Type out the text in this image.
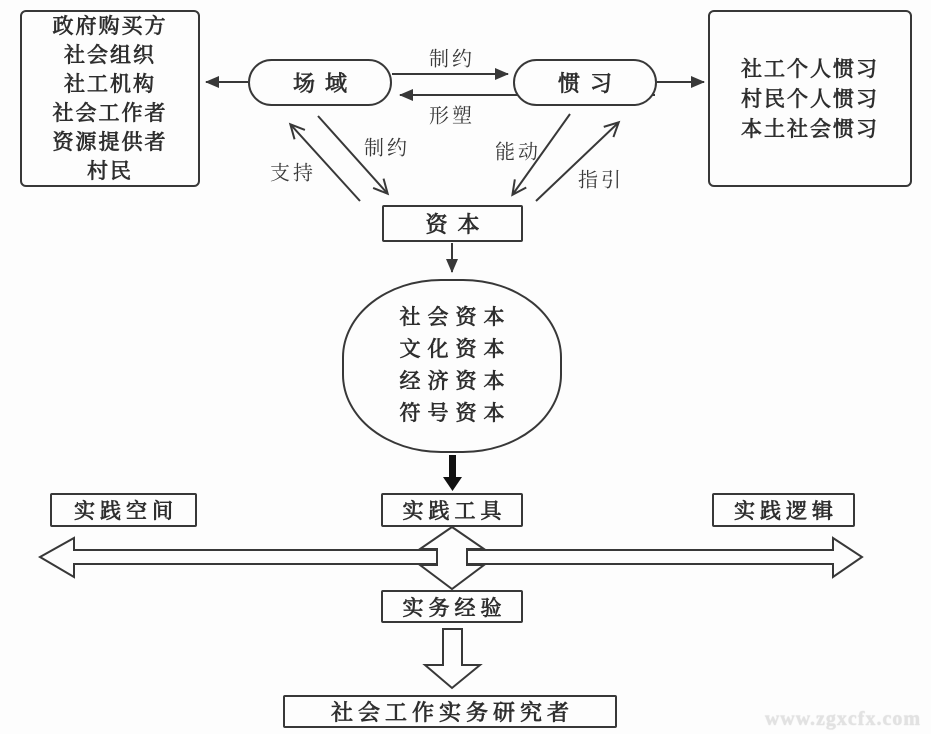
政府购买方
社会组织
社工机构
社会工作者
资源提供者
村民
场域	惯习
社工个人惯习
村民个人惯习
本土社会惯习
资本
社会资本
文化资本
经济资本
符号资本
实践空间	实践工具	实践逻辑
实务经验
社会工作实务研究者
制约
形塑
支持
制约	能动
指引
www.zgxcfx.com
